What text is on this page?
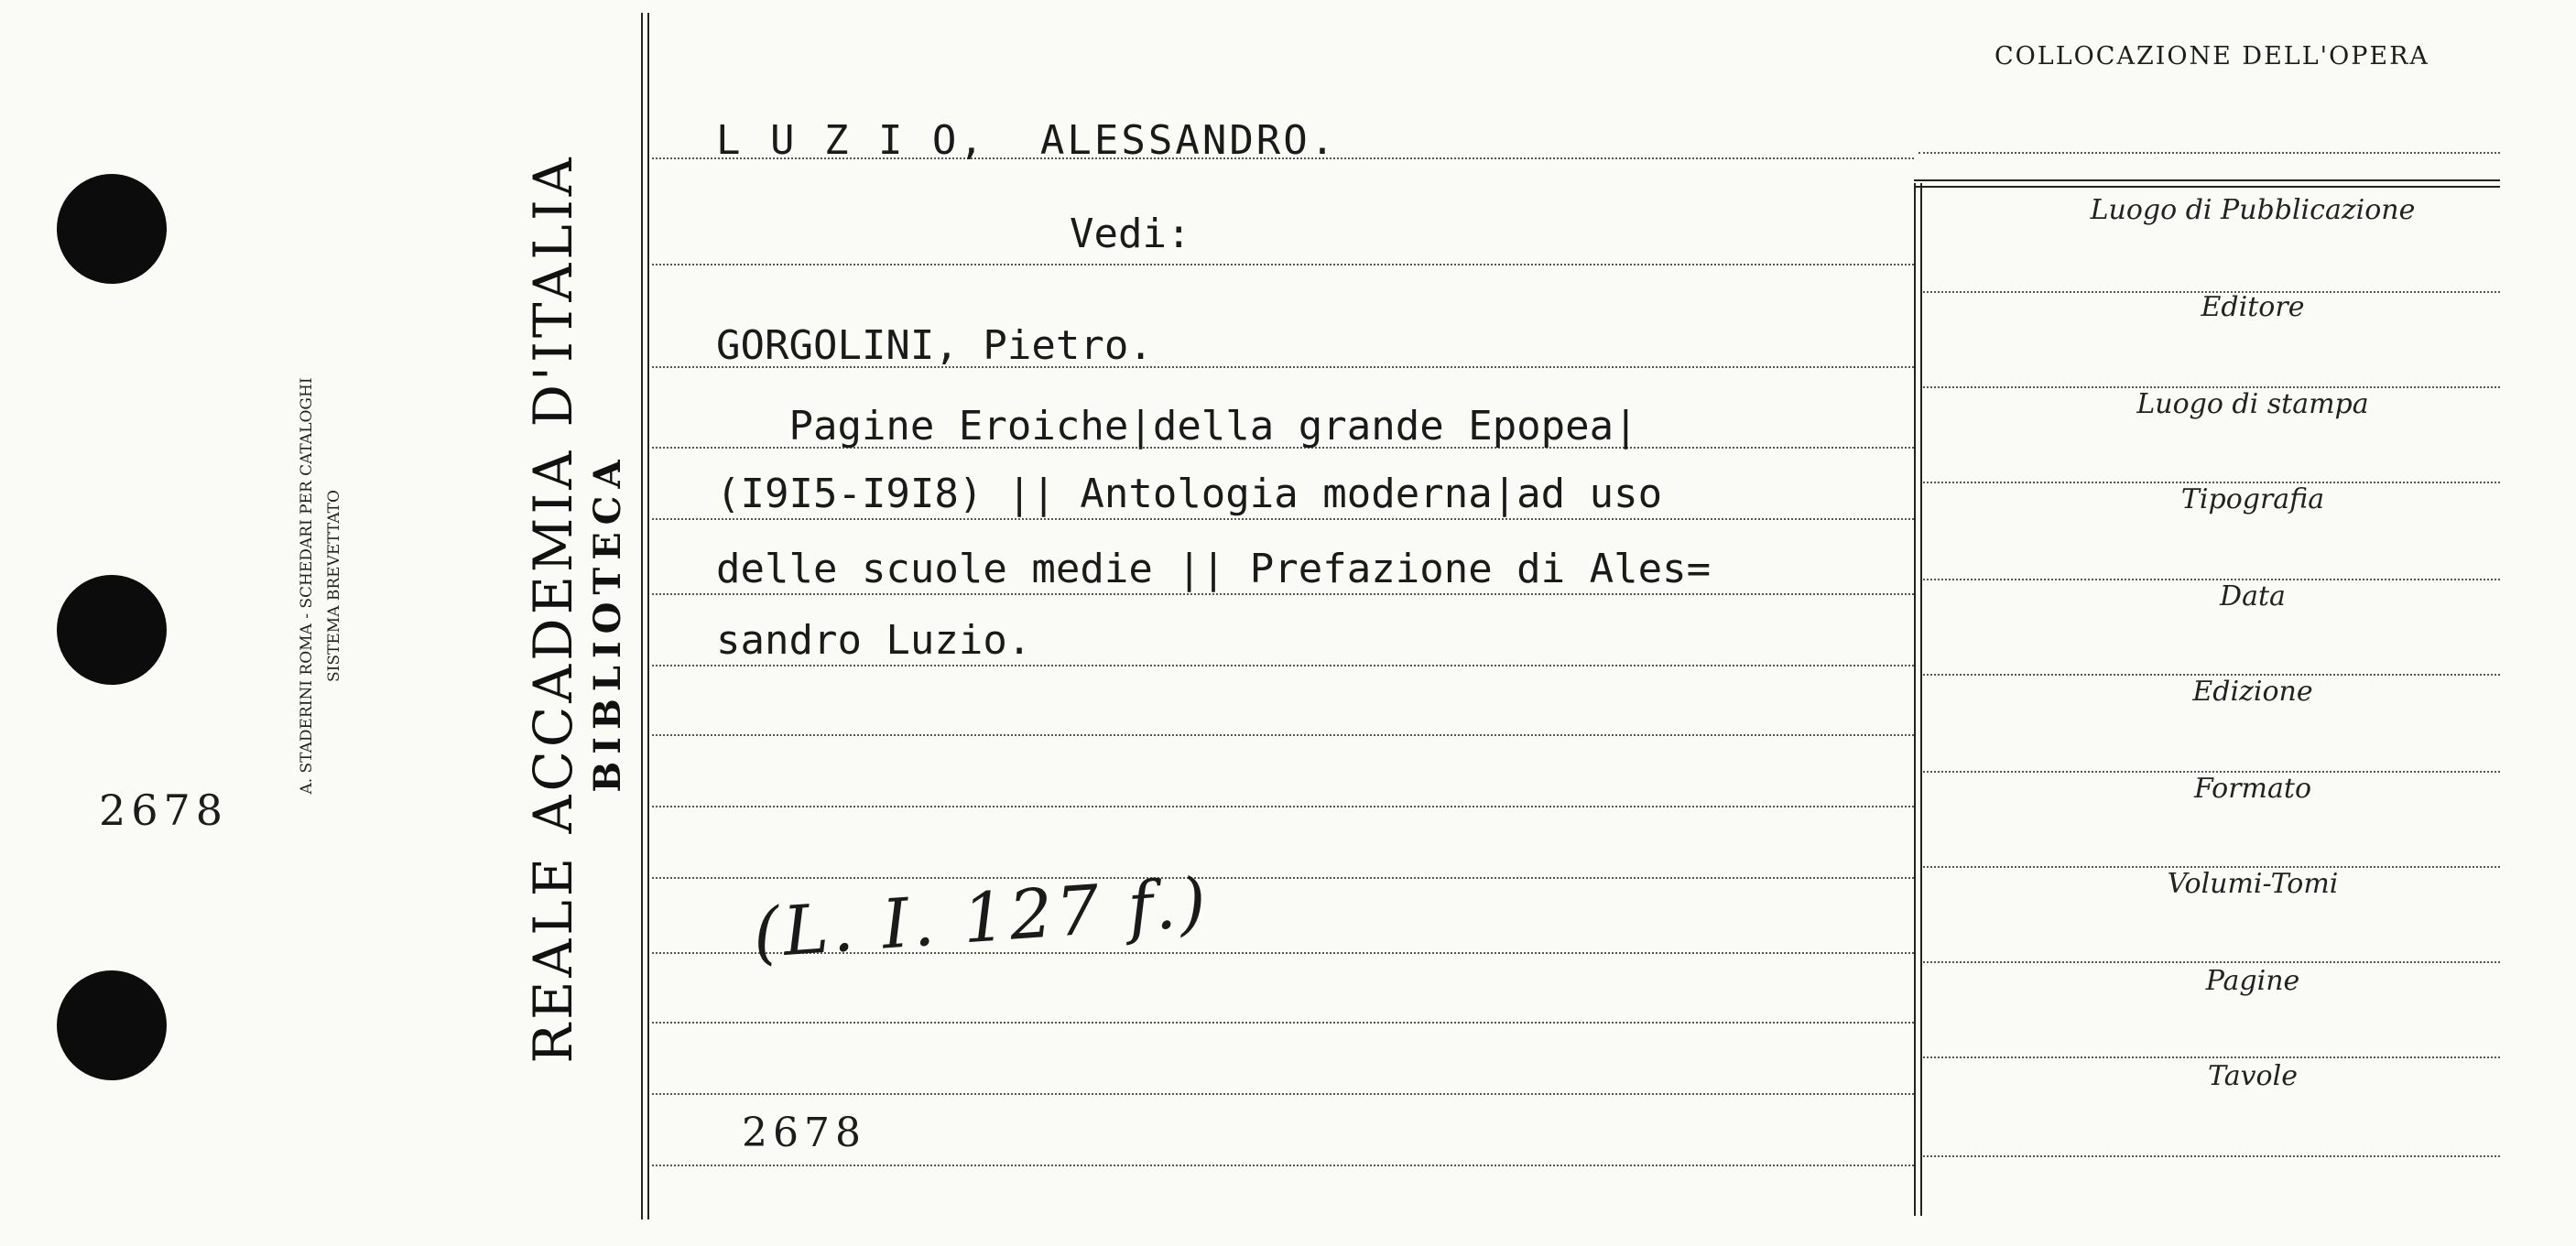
2678
A. STADERINI ROMA - SCHEDARI PER CATALOGHI SISTEMA BREVETTATO	REALE ACCADEMIA D'ITALIA BIBLIOTECA
L U Z I O,  ALESSANDRO.
Vedi:
GORGOLINI, Pietro.
Pagine Eroiche|della grande Epopea|
(I9I5-I9I8) || Antologia moderna|ad uso
delle scuole medie || Prefazione di Ales=
sandro Luzio.
(L. I. 127 f.)
2678
COLLOCAZIONE DELL'OPERA
Luogo di Pubblicazione
Editore
Luogo di stampa
Tipografia
Data
Edizione
Formato
Volumi-Tomi
Pagine
Tavole
